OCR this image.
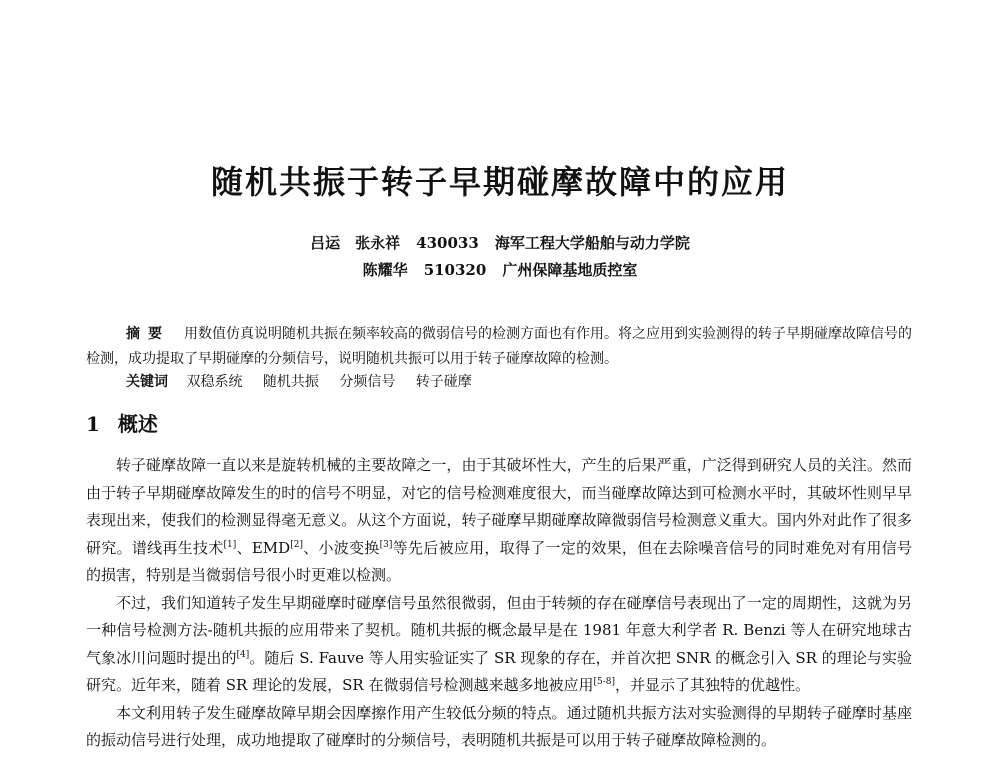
随机共振于转子早期碰摩故障中的应用
吕运　张永祥 430033 海军工程大学船舶与动力学院
陈耀华 510320 广州保障基地质控室
摘要 用数值仿真说明随机共振在频率较高的微弱信号的检测方面也有作用。将之应用到实验测得的转子早期碰摩故障信号的检测，成功提取了早期碰摩的分频信号，说明随机共振可以用于转子碰摩故障的检测。
关键词 双稳系统 随机共振 分频信号 转子碰摩
1 概述

转子碰摩故障一直以来是旋转机械的主要故障之一，由于其破坏性大，产生的后果严重，广泛得到研究人员的关注。然而由于转子早期碰摩故障发生的时的信号不明显，对它的信号检测难度很大，而当碰摩故障达到可检测水平时，其破坏性则早早表现出来，使我们的检测显得毫无意义。从这个方面说，转子碰摩早期碰摩故障微弱信号检测意义重大。国内外对此作了很多研究。谱线再生技术[1]、EMD[2]、小波变换[3]等先后被应用，取得了一定的效果，但在去除噪音信号的同时难免对有用信号的损害，特别是当微弱信号很小时更难以检测。

不过，我们知道转子发生早期碰摩时碰摩信号虽然很微弱，但由于转频的存在碰摩信号表现出了一定的周期性，这就为另一种信号检测方法-随机共振的应用带来了契机。随机共振的概念最早是在 1981 年意大利学者 R. Benzi 等人在研究地球古气象冰川问题时提出的[4]。随后 S. Fauve 等人用实验证实了 SR 现象的存在，并首次把 SNR 的概念引入 SR 的理论与实验研究。近年来，随着 SR 理论的发展，SR 在微弱信号检测越来越多地被应用[5-8]，并显示了其独特的优越性。

本文利用转子发生碰摩故障早期会因摩擦作用产生较低分频的特点。通过随机共振方法对实验测得的早期转子碰摩时基座的振动信号进行处理，成功地提取了碰摩时的分频信号，表明随机共振是可以用于转子碰摩故障检测的。
